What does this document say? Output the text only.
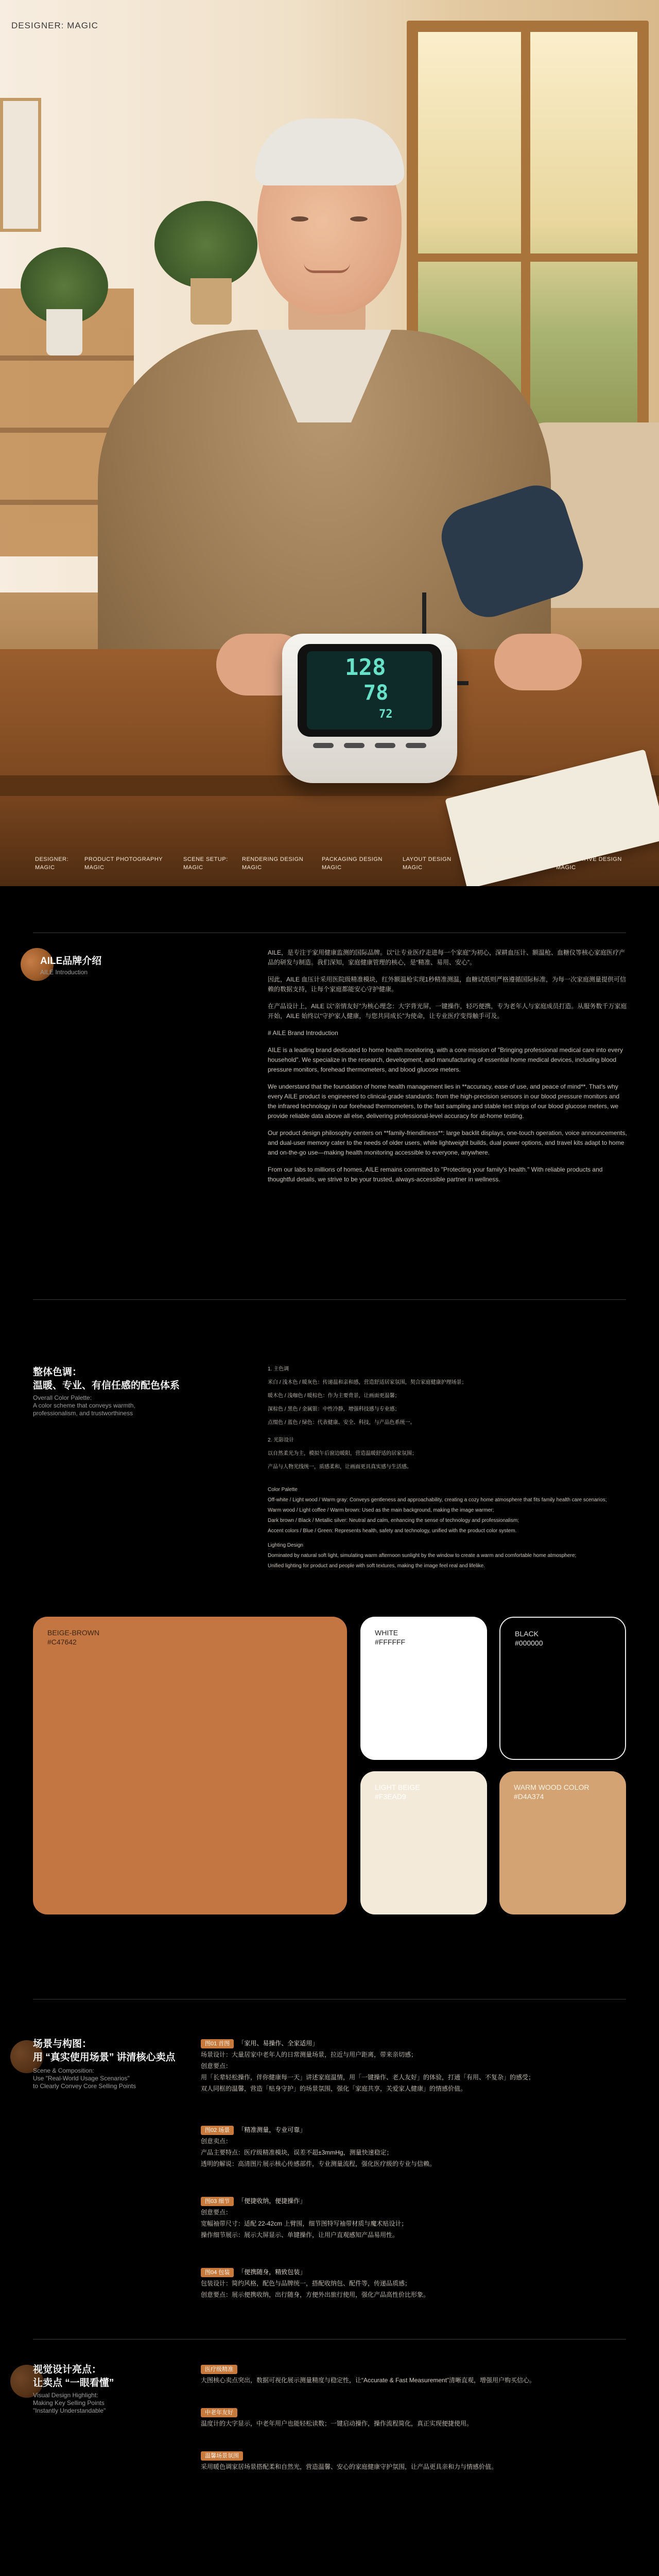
128
78
72
DESIGNER: MAGIC
DESIGNER:
MAGIC
PRODUCT PHOTOGRAPHY
MAGIC
SCENE SETUP:
MAGIC
RENDERING DESIGN
MAGIC
PACKAGING DESIGN
MAGIC
LAYOUT DESIGN
MAGIC
SCENE COMPOSITION
MAGIC
ALTERNATIVE DESIGN
MAGIC
AILE品牌介绍
AILE Introduction

AILE，是专注于家用健康监测的国际品牌。以“让专业医疗走进每一个家庭”为初心，深耕血压计、额温枪、血糖仪等核心家庭医疗产品的研发与制造。我们深知，家庭健康管理的核心，是“精准、易用、安心”。

因此，AILE 血压计采用医院级精准模块，红外额温枪实现1秒精准测温，血糖试纸则严格遵循国际标准，为每一次家庭测量提供可信赖的数据支持，让每个家庭都能安心守护健康。

在产品设计上，AILE 以“亲情友好”为核心理念：大字背光屏，一键操作，轻巧便携，专为老年人与家庭成员打造。从服务数千万家庭开始，AILE 始终以“守护家人健康，与您共同成长”为使命，让专业医疗变得触手可及。

# AILE Brand Introduction

AILE is a leading brand dedicated to home health monitoring, with a core mission of "Bringing professional medical care into every household". We specialize in the research, development, and manufacturing of essential home medical devices, including blood pressure monitors, forehead thermometers, and blood glucose meters.

We understand that the foundation of home health management lies in **accuracy, ease of use, and peace of mind**. That's why every AILE product is engineered to clinical-grade standards: from the high-precision sensors in our blood pressure monitors and the infrared technology in our forehead thermometers, to the fast sampling and stable test strips of our blood glucose meters, we provide reliable data above all else, delivering professional-level accuracy for at-home testing.

Our product design philosophy centers on **family-friendliness**: large backlit displays, one-touch operation, voice announcements, and dual-user memory cater to the needs of older users, while lightweight builds, dual power options, and travel kits adapt to home and on-the-go use—making health monitoring accessible to everyone, anywhere.

From our labs to millions of homes, AILE remains committed to "Protecting your family's health." With reliable products and thoughtful details, we strive to be your trusted, always-accessible partner in wellness.

整体色调：
温暖、专业、有信任感的配色体系
Overall Color Palette:
A color scheme that conveys warmth,
professionalism, and trustworthiness
1. 主色调
米白 / 浅木色 / 暖灰色：传递温和亲和感，营造舒适居家氛围，契合家庭健康护理场景；
暖木色 / 浅咖色 / 暖棕色：作为主要背景，让画面更温馨；
深棕色 / 黑色 / 金属银：中性冷静，增强科技感与专业感；
点缀色 / 蓝色 / 绿色：代表健康、安全、科技，与产品色系统一。
2. 光影设计
以自然柔光为主，模拟午后窗边暖阳，营造温暖舒适的居家氛围；
产品与人物光线统一，质感柔和，让画面更具真实感与生活感。
Color Palette
Off-white / Light wood / Warm gray: Conveys gentleness and approachability, creating a cozy home atmosphere that fits family health care scenarios;
Warm wood / Light coffee / Warm brown: Used as the main background, making the image warmer;
Dark brown / Black / Metallic silver: Neutral and calm, enhancing the sense of technology and professionalism;
Accent colors / Blue / Green: Represents health, safety and technology, unified with the product color system.
Lighting Design
Dominated by natural soft light, simulating warm afternoon sunlight by the window to create a warm and comfortable home atmosphere;
Unified lighting for product and people with soft textures, making the image feel real and lifelike.
BEIGE-BROWN
#C47642
WHITE
#FFFFFF
BLACK
#000000
LIGHT BEIGE
#F3EAD9
WARM WOOD COLOR
#D4A374
场景与构图：
用 “真实使用场景” 讲清核心卖点
Scene & Composition:
Use "Real-World Usage Scenarios"
to Clearly Convey Core Selling Points
图01 首图 「家用、易操作、全家适用」
场景设计：大量居家中老年人的日常测量场景，拉近与用户距离，带来亲切感；
创意要点：
用「长辈轻松操作，伴你健康每一天」讲述家庭温情，用「一键操作、老人友好」的体验，打通「有用、不复杂」的感受；
双人同框的温馨，营造「贴身守护」的场景氛围，强化「家庭共享，关爱家人健康」的情感价值。
图02 场景 「精准测量，专业可靠」
创意卖点：
产品主要特点：医疗级精准模块，误差不超±3mmHg，测量快速稳定；
透明的解说：高清图片展示核心传感部件，专业测量流程，强化医疗级的专业与信赖。
图03 细节 「便捷收纳，便捷操作」
创意要点：
宽幅袖带尺寸：适配 22-42cm 上臂围，细节图特写袖带材质与魔术贴设计；
操作细节展示：展示大屏显示、单键操作，让用户直观感知产品易用性。
图04 包装 「便携随身，精致包装」
包装设计：简约风格，配色与品牌统一，搭配收纳包、配件等，传递品质感；
创意要点：展示便携收纳，出行随身，方便外出旅行使用，强化产品高性价比形象。
视觉设计亮点：
让卖点 “一眼看懂”
Visual Design Highlight:
Making Key Selling Points
"Instantly Understandable"
医疗级精准
大图核心卖点突出，数据可视化展示测量精度与稳定性，让“Accurate & Fast Measurement”清晰直观，增强用户购买信心。
中老年友好
温度计的大字显示，中老年用户也能轻松读数；一键启动操作，操作流程简化，真正实现便捷使用。
温馨场景氛围
采用暖色调家居场景搭配柔和自然光，营造温馨、安心的家庭健康守护氛围，让产品更具亲和力与情感价值。
